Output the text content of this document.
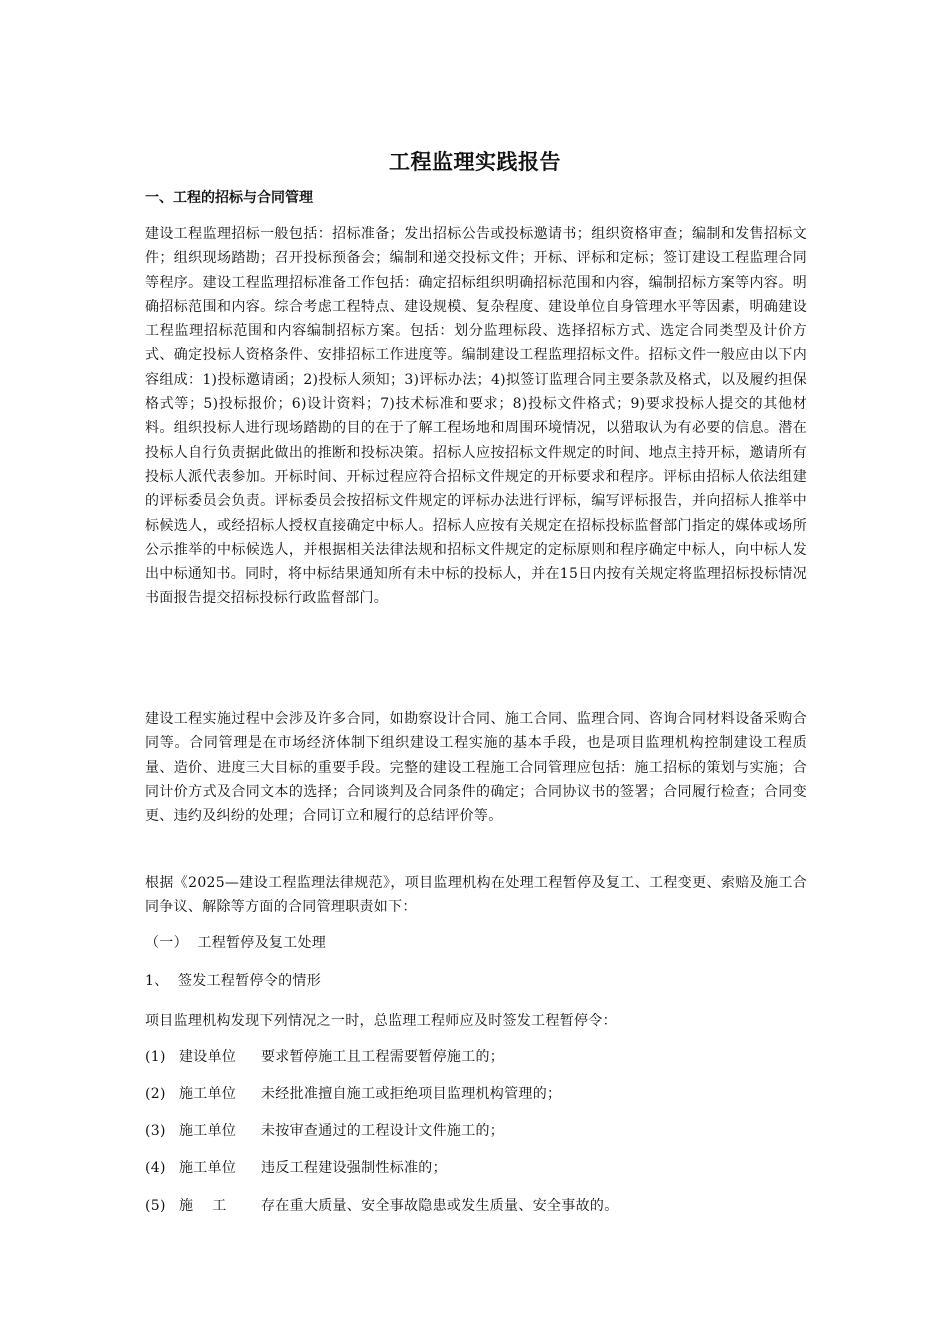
工程监理实践报告
一、工程的招标与合同管理

建设工程监理招标一般包括：招标准备；发出招标公告或投标邀请书；组织资格审查；编制和发售招标文件；组织现场踏勘；召开投标预备会；编制和递交投标文件；开标、评标和定标；签订建设工程监理合同等程序。建设工程监理招标准备工作包括：确定招标组织明确招标范围和内容，编制招标方案等内容。明确招标范围和内容。综合考虑工程特点、建设规模、复杂程度、建设单位自身管理水平等因素，明确建设工程监理招标范围和内容编制招标方案。包括：划分监理标段、选择招标方式、选定合同类型及计价方式、确定投标人资格条件、安排招标工作进度等。编制建设工程监理招标文件。招标文件一般应由以下内容组成：1)投标邀请函；2)投标人须知；3)评标办法；4)拟签订监理合同主要条款及格式，以及履约担保格式等；5)投标报价；6)设计资料；7)技术标准和要求；8)投标文件格式；9)要求投标人提交的其他材料。组织投标人进行现场踏勘的目的在于了解工程场地和周围环境情况，以猎取认为有必要的信息。潜在投标人自行负责据此做出的推断和投标决策。招标人应按招标文件规定的时间、地点主持开标，邀请所有投标人派代表参加。开标时间、开标过程应符合招标文件规定的开标要求和程序。评标由招标人依法组建的评标委员会负责。评标委员会按招标文件规定的评标办法进行评标，编写评标报告，并向招标人推举中标候选人，或经招标人授权直接确定中标人。招标人应按有关规定在招标投标监督部门指定的媒体或场所公示推举的中标候选人，并根据相关法律法规和招标文件规定的定标原则和程序确定中标人，向中标人发出中标通知书。同时，将中标结果通知所有未中标的投标人，并在15日内按有关规定将监理招标投标情况书面报告提交招标投标行政监督部门。

建设工程实施过程中会涉及许多合同，如勘察设计合同、施工合同、监理合同、咨询合同材料设备采购合同等。合同管理是在市场经济体制下组织建设工程实施的基本手段，也是项目监理机构控制建设工程质量、造价、进度三大目标的重要手段。完整的建设工程施工合同管理应包括：施工招标的策划与实施；合同计价方式及合同文本的选择；合同谈判及合同条件的确定；合同协议书的签署；合同履行检查；合同变更、违约及纠纷的处理；合同订立和履行的总结评价等。

根据《2025—建设工程监理法律规范》，项目监理机构在处理工程暂停及复工、工程变更、索赔及施工合同争议、解除等方面的合同管理职责如下：

（一）  工程暂停及复工处理

1、  签发工程暂停令的情形

项目监理机构发现下列情况之一时，总监理工程师应及时签发工程暂停令：

(1) 建设单位 要求暂停施工且工程需要暂停施工的；

(2) 施工单位 未经批准擅自施工或拒绝项目监理机构管理的；

(3) 施工单位 未按审查通过的工程设计文件施工的；

(4) 施工单位 违反工程建设强制性标准的；

(5) 施    工 存在重大质量、安全事故隐患或发生质量、安全事故的。
